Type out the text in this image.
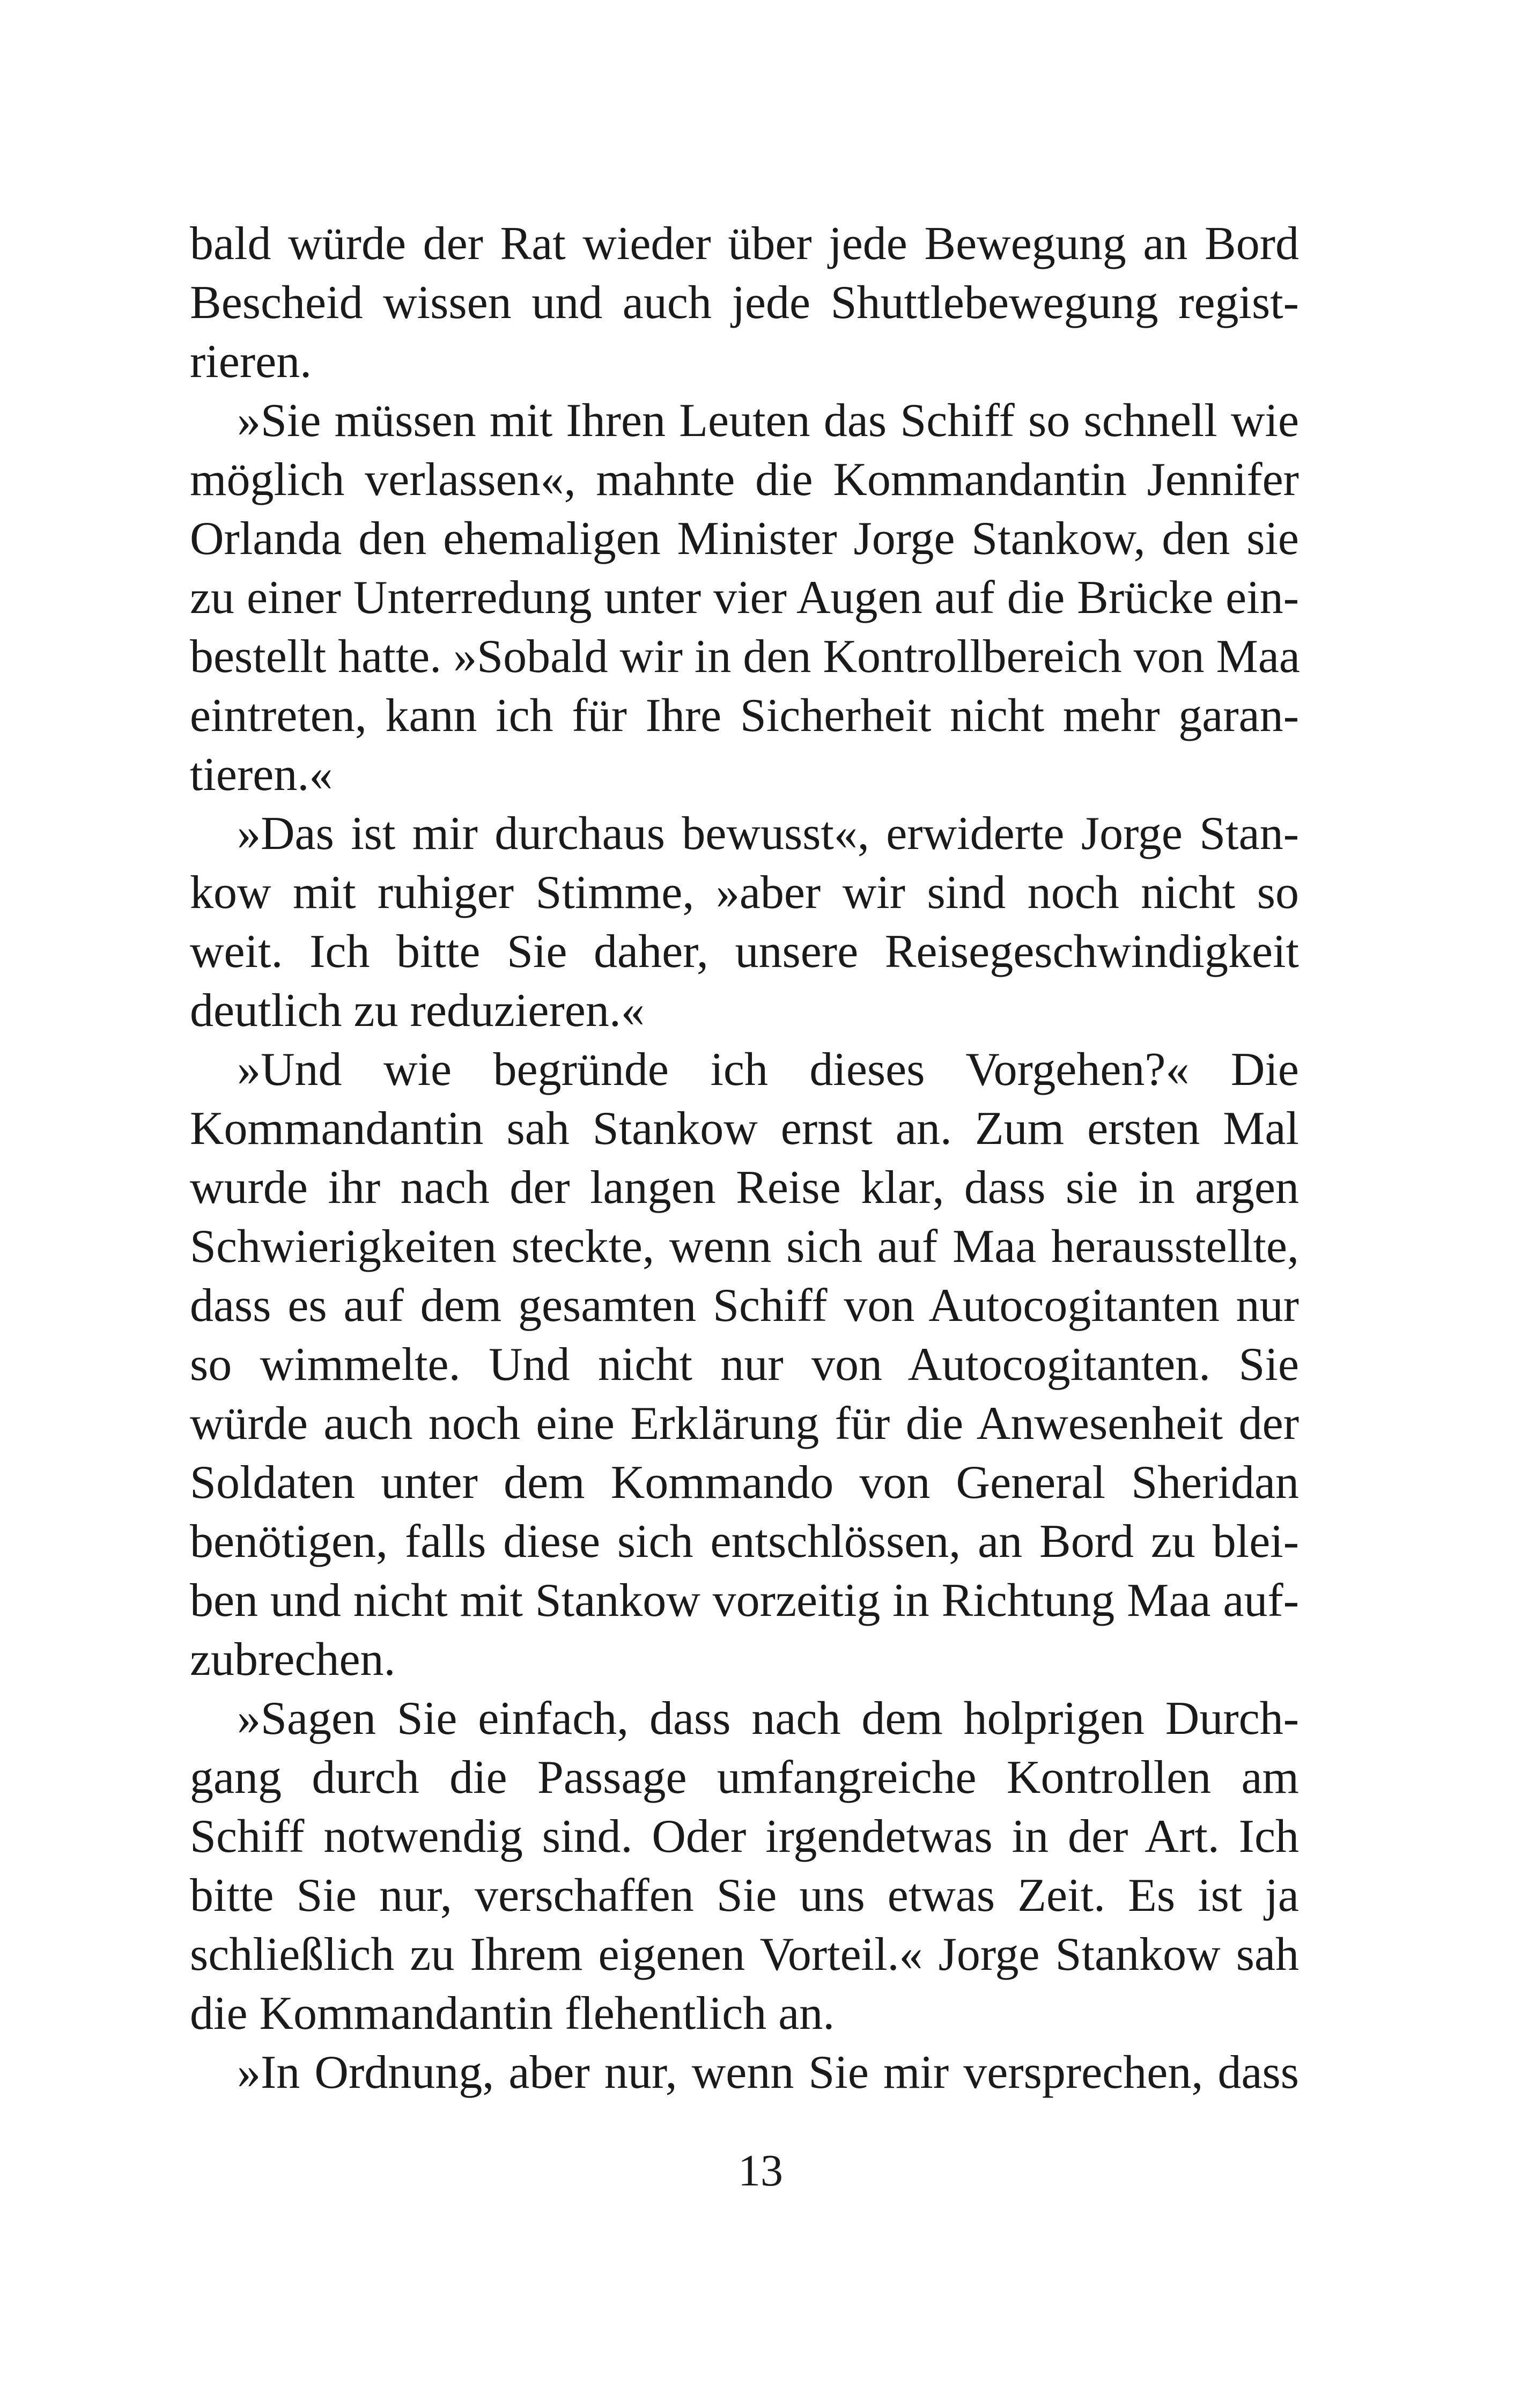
bald würde der Rat wieder über jede Bewegung an Bord
Bescheid wissen und auch jede Shuttlebewegung regist-
rieren.
»Sie müssen mit Ihren Leuten das Schiff so schnell wie
möglich verlassen«, mahnte die Kommandantin Jennifer
Orlanda den ehemaligen Minister Jorge Stankow, den sie
zu einer Unterredung unter vier Augen auf die Brücke ein-
bestellt hatte. »Sobald wir in den Kontrollbereich von Maa
eintreten, kann ich für Ihre Sicherheit nicht mehr garan-
tieren.«
»Das ist mir durchaus bewusst«, erwiderte Jorge Stan-
kow mit ruhiger Stimme, »aber wir sind noch nicht so
weit. Ich bitte Sie daher, unsere Reisegeschwindigkeit
deutlich zu reduzieren.«
»Und wie begründe ich dieses Vorgehen?« Die
Kommandantin sah Stankow ernst an. Zum ersten Mal
wurde ihr nach der langen Reise klar, dass sie in argen
Schwierigkeiten steckte, wenn sich auf Maa herausstellte,
dass es auf dem gesamten Schiff von Autocogitanten nur
so wimmelte. Und nicht nur von Autocogitanten. Sie
würde auch noch eine Erklärung für die Anwesenheit der
Soldaten unter dem Kommando von General Sheridan
benötigen, falls diese sich entschlössen, an Bord zu blei-
ben und nicht mit Stankow vorzeitig in Richtung Maa auf-
zubrechen.
»Sagen Sie einfach, dass nach dem holprigen Durch-
gang durch die Passage umfangreiche Kontrollen am
Schiff notwendig sind. Oder irgendetwas in der Art. Ich
bitte Sie nur, verschaffen Sie uns etwas Zeit. Es ist ja
schließlich zu Ihrem eigenen Vorteil.« Jorge Stankow sah
die Kommandantin flehentlich an.
»In Ordnung, aber nur, wenn Sie mir versprechen, dass
13
